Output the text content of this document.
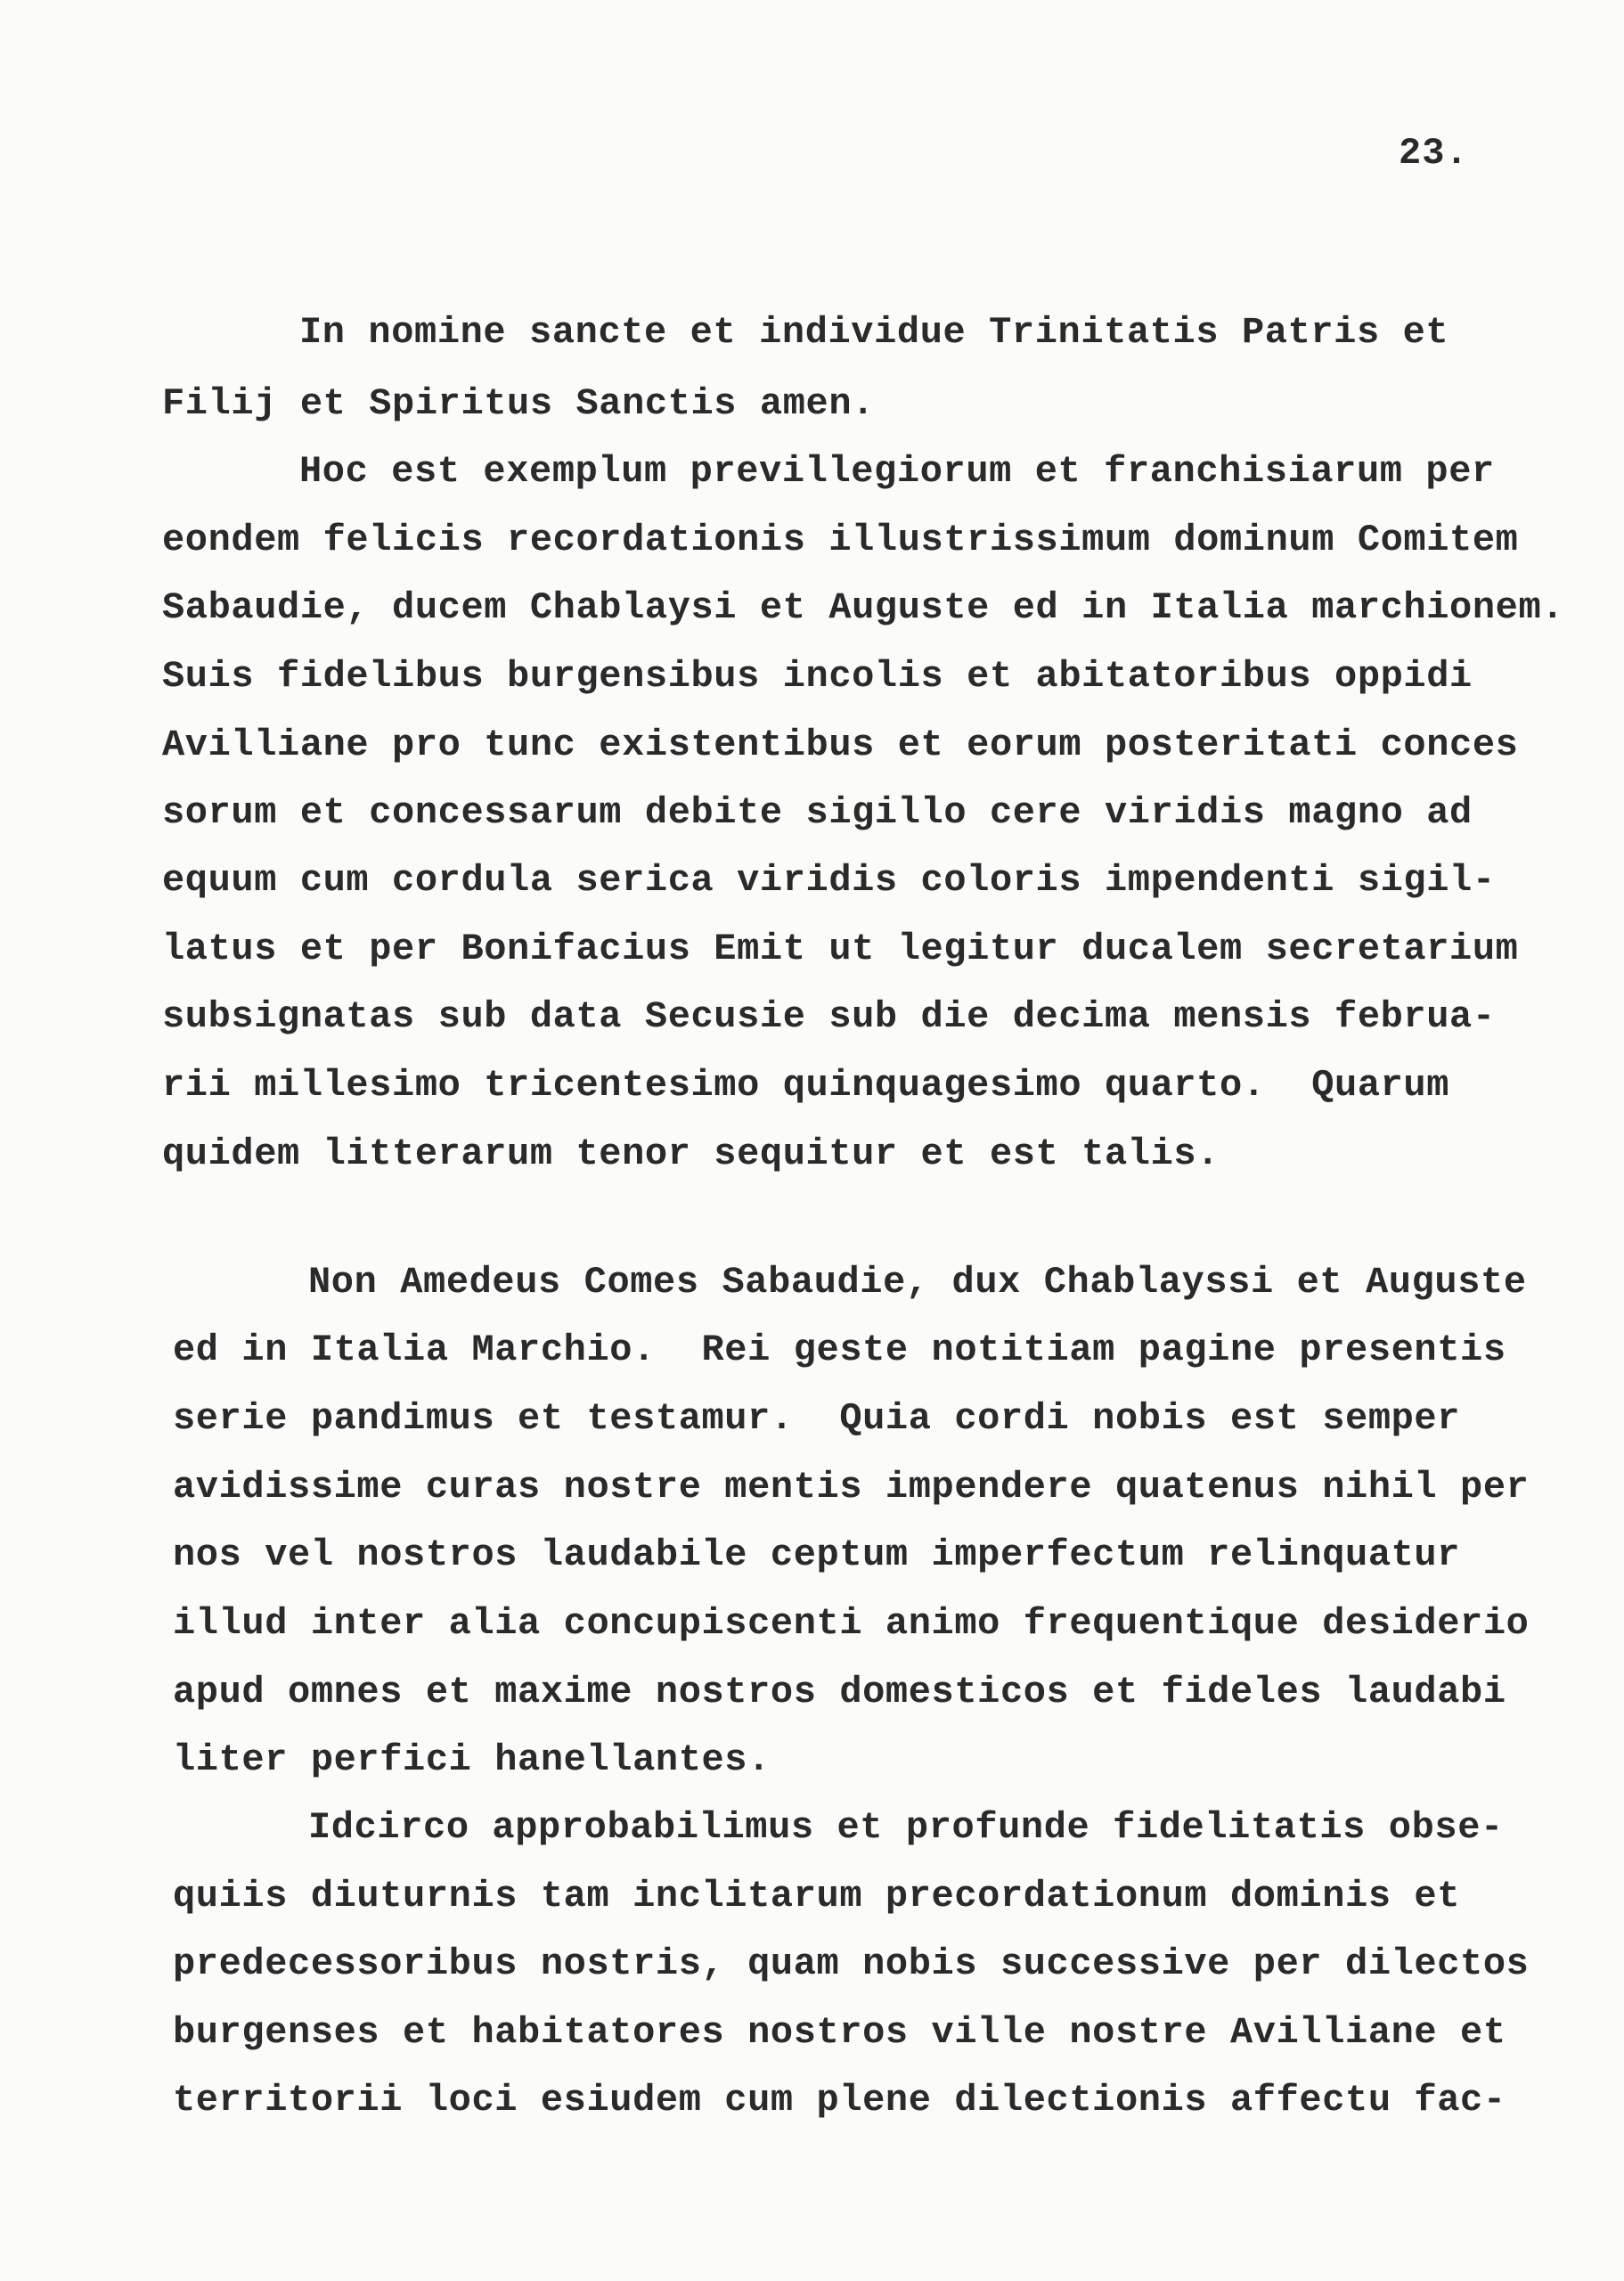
23.
In nomine sancte et individue Trinitatis Patris et
Filij et Spiritus Sanctis amen.
Hoc est exemplum previllegiorum et franchisiarum per
eondem felicis recordationis illustrissimum dominum Comitem
Sabaudie, ducem Chablaysi et Auguste ed in Italia marchionem.
Suis fidelibus burgensibus incolis et abitatoribus oppidi
Avilliane pro tunc existentibus et eorum posteritati conces
sorum et concessarum debite sigillo cere viridis magno ad
equum cum cordula serica viridis coloris impendenti sigil-
latus et per Bonifacius Emit ut legitur ducalem secretarium
subsignatas sub data Secusie sub die decima mensis februa-
rii millesimo tricentesimo quinquagesimo quarto.  Quarum
quidem litterarum tenor sequitur et est talis.
Non Amedeus Comes Sabaudie, dux Chablayssi et Auguste
ed in Italia Marchio.  Rei geste notitiam pagine presentis
serie pandimus et testamur.  Quia cordi nobis est semper
avidissime curas nostre mentis impendere quatenus nihil per
nos vel nostros laudabile ceptum imperfectum relinquatur
illud inter alia concupiscenti animo frequentique desiderio
apud omnes et maxime nostros domesticos et fideles laudabi
liter perfici hanellantes.
Idcirco approbabilimus et profunde fidelitatis obse-
quiis diuturnis tam inclitarum precordationum dominis et
predecessoribus nostris, quam nobis successive per dilectos
burgenses et habitatores nostros ville nostre Avilliane et
territorii loci esiudem cum plene dilectionis affectu fac-
